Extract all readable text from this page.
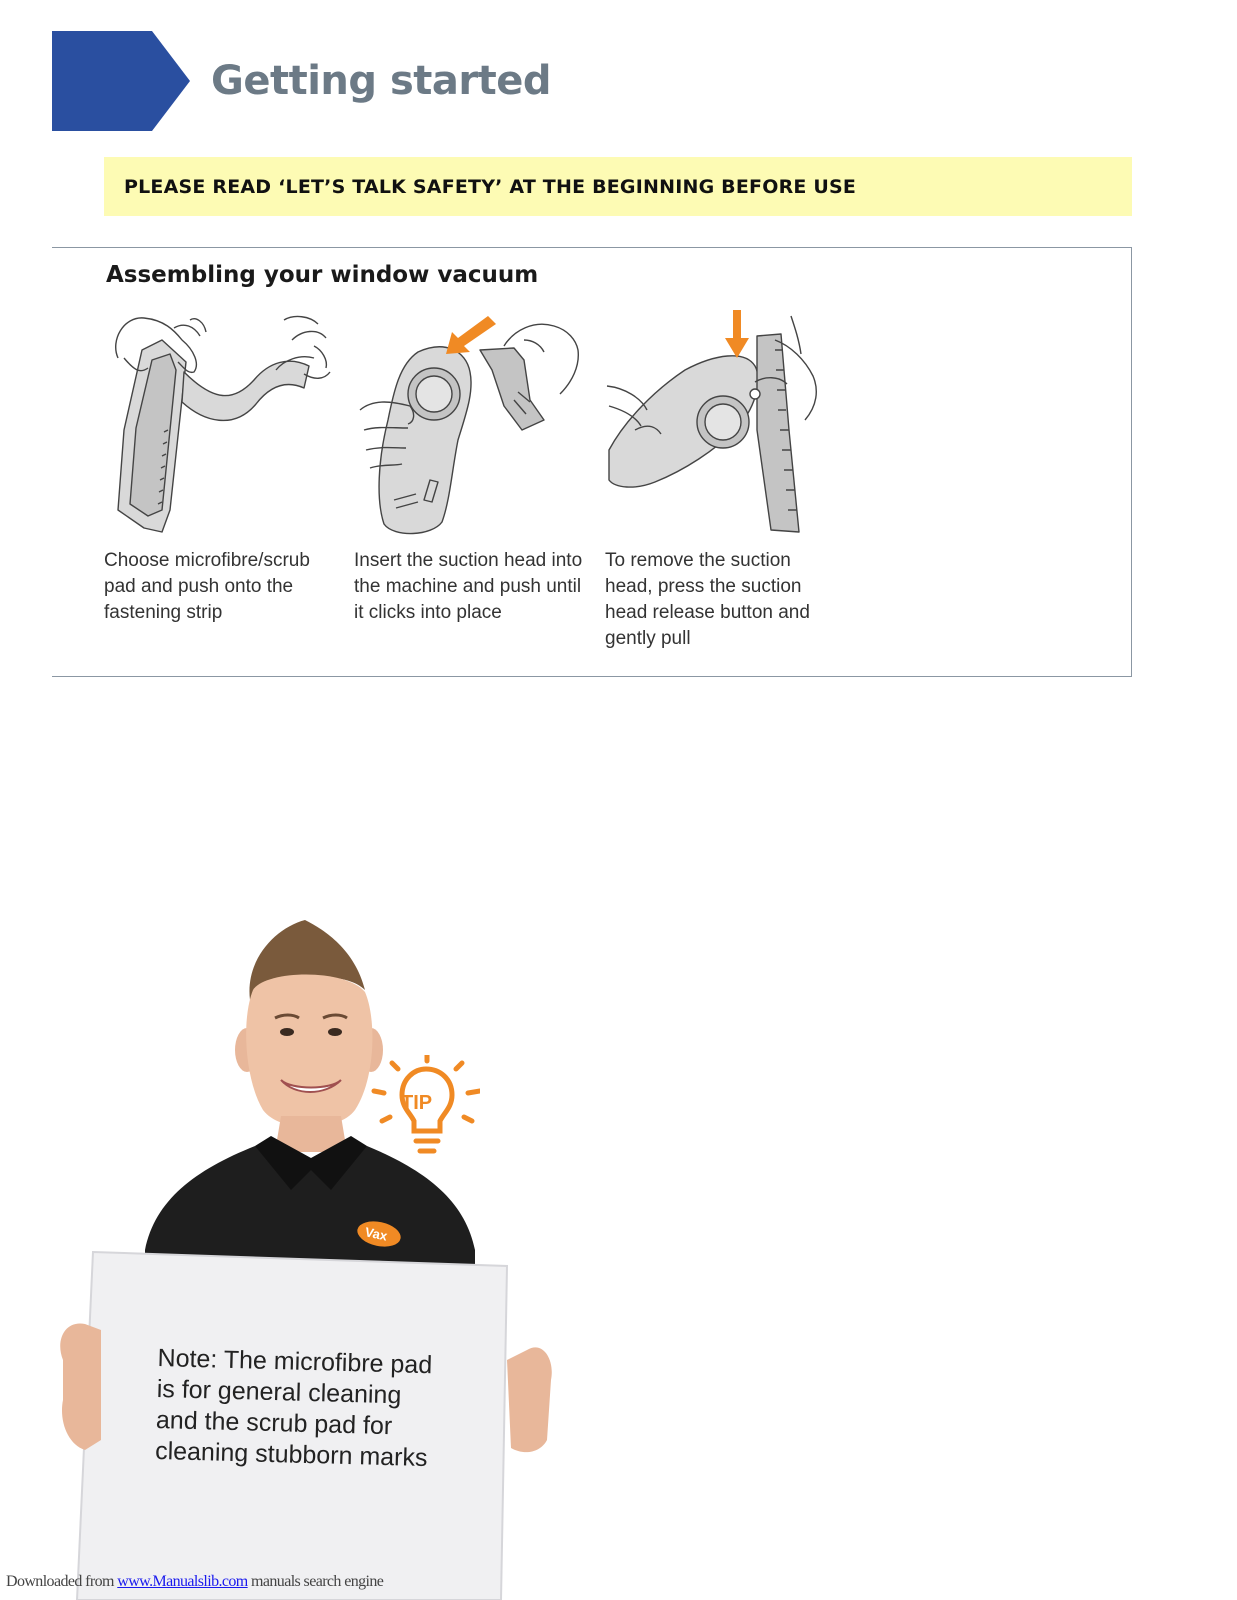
Getting started
PLEASE READ ‘LET’S TALK SAFETY’ AT THE BEGINNING BEFORE USE
Assembling your window vacuum
Choose microfibre/scrub pad and push onto the fastening strip
Insert the suction head into the machine and push until it clicks into place
To remove the suction head, press the suction head release button and gently pull
Vax
TIP
Note: The microfibre pad is for general cleaning and the scrub pad for cleaning stubborn marks
Downloaded from www.Manualslib.com manuals search engine
